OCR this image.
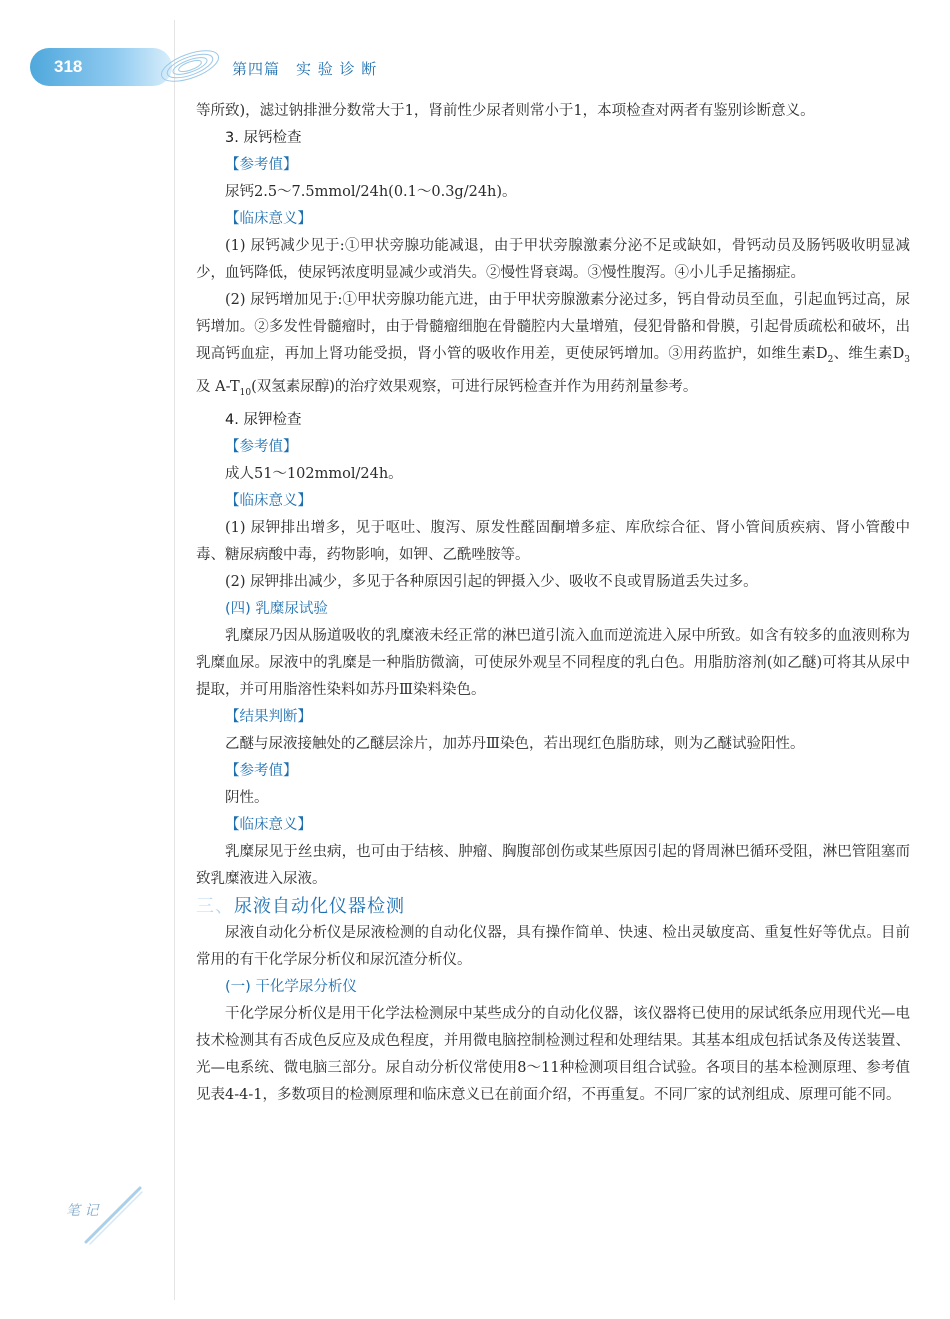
318	第四篇　实 验 诊 断

等所致)，滤过钠排泄分数常大于1，肾前性少尿者则常小于1，本项检查对两者有鉴别诊断意义。

3. 尿钙检查

【参考值】

尿钙2.5～7.5mmol/24h(0.1～0.3g/24h)。

【临床意义】

(1) 尿钙减少见于:①甲状旁腺功能减退，由于甲状旁腺激素分泌不足或缺如，骨钙动员及肠钙吸收明显减少，血钙降低，使尿钙浓度明显减少或消失。②慢性肾衰竭。③慢性腹泻。④小儿手足搐搦症。

(2) 尿钙增加见于:①甲状旁腺功能亢进，由于甲状旁腺激素分泌过多，钙自骨动员至血，引起血钙过高，尿钙增加。②多发性骨髓瘤时，由于骨髓瘤细胞在骨髓腔内大量增殖，侵犯骨骼和骨膜，引起骨质疏松和破坏，出现高钙血症，再加上肾功能受损，肾小管的吸收作用差，更使尿钙增加。③用药监护，如维生素$D_2$、维生素$D_3$ 及 $A-T_{10}$(双氢素尿醇)的治疗效果观察，可进行尿钙检查并作为用药剂量参考。

4. 尿钾检查

【参考值】

成人51～102mmol/24h。

【临床意义】

(1) 尿钾排出增多，见于呕吐、腹泻、原发性醛固酮增多症、库欣综合征、肾小管间质疾病、肾小管酸中毒、糖尿病酸中毒，药物影响，如钾、乙酰唑胺等。

(2) 尿钾排出减少，多见于各种原因引起的钾摄入少、吸收不良或胃肠道丢失过多。

(四) 乳糜尿试验

乳糜尿乃因从肠道吸收的乳糜液未经正常的淋巴道引流入血而逆流进入尿中所致。如含有较多的血液则称为乳糜血尿。尿液中的乳糜是一种脂肪微滴，可使尿外观呈不同程度的乳白色。用脂肪溶剂(如乙醚)可将其从尿中提取，并可用脂溶性染料如苏丹Ⅲ染料染色。

【结果判断】

乙醚与尿液接触处的乙醚层涂片，加苏丹Ⅲ染色，若出现红色脂肪球，则为乙醚试验阳性。

【参考值】

阴性。

【临床意义】

乳糜尿见于丝虫病，也可由于结核、肿瘤、胸腹部创伤或某些原因引起的肾周淋巴循环受阻，淋巴管阻塞而致乳糜液进入尿液。

三、尿液自动化仪器检测

尿液自动化分析仪是尿液检测的自动化仪器，具有操作简单、快速、检出灵敏度高、重复性好等优点。目前常用的有干化学尿分析仪和尿沉渣分析仪。

(一) 干化学尿分析仪

干化学尿分析仪是用干化学法检测尿中某些成分的自动化仪器，该仪器将已使用的尿试纸条应用现代光—电技术检测其有否成色反应及成色程度，并用微电脑控制检测过程和处理结果。其基本组成包括试条及传送装置、光—电系统、微电脑三部分。尿自动分析仪常使用8～11种检测项目组合试验。各项目的基本检测原理、参考值见表4-4-1，多数项目的检测原理和临床意义已在前面介绍，不再重复。不同厂家的试剂组成、原理可能不同。

笔 记
